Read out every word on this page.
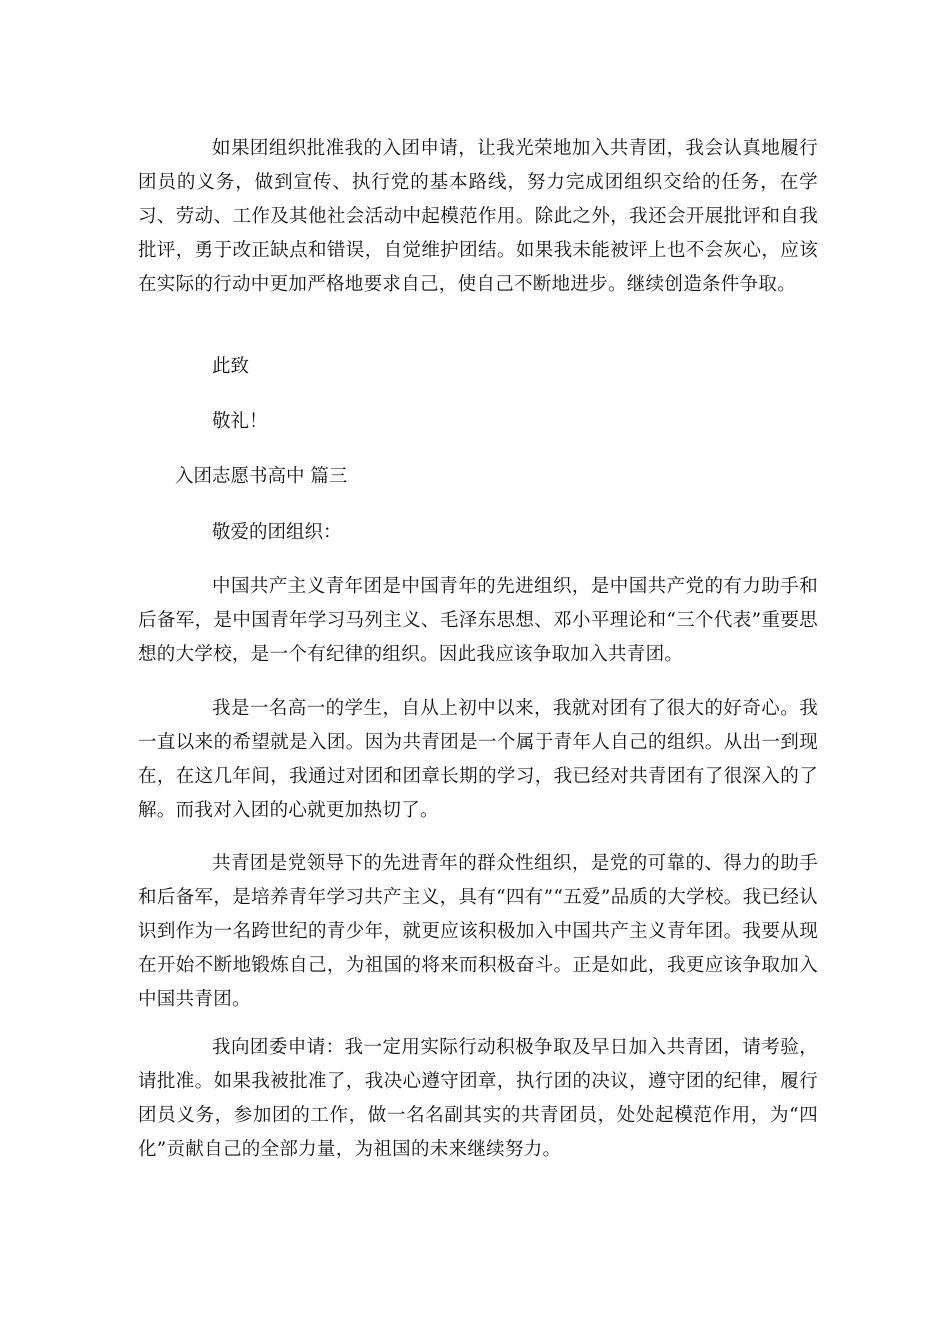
如果团组织批准我的入团申请，让我光荣地加入共青团，我会认真地履行团员的义务，做到宣传、执行党的基本路线，努力完成团组织交给的任务，在学习、劳动、工作及其他社会活动中起模范作用。除此之外，我还会开展批评和自我批评，勇于改正缺点和错误，自觉维护团结。如果我未能被评上也不会灰心，应该在实际的行动中更加严格地要求自己，使自己不断地进步。继续创造条件争取。

此致

敬礼！

入团志愿书高中 篇三

敬爱的团组织：

中国共产主义青年团是中国青年的先进组织，是中国共产党的有力助手和后备军，是中国青年学习马列主义、毛泽东思想、邓小平理论和“三个代表”重要思想的大学校，是一个有纪律的组织。因此我应该争取加入共青团。

我是一名高一的学生，自从上初中以来，我就对团有了很大的好奇心。我一直以来的希望就是入团。因为共青团是一个属于青年人自己的组织。从出一到现在，在这几年间，我通过对团和团章长期的学习，我已经对共青团有了很深入的了解。而我对入团的心就更加热切了。

共青团是党领导下的先进青年的群众性组织，是党的可靠的、得力的助手和后备军，是培养青年学习共产主义，具有“四有”“五爱”品质的大学校。我已经认识到作为一名跨世纪的青少年，就更应该积极加入中国共产主义青年团。我要从现在开始不断地锻炼自己，为祖国的将来而积极奋斗。正是如此，我更应该争取加入中国共青团。

我向团委申请：我一定用实际行动积极争取及早日加入共青团，请考验，请批准。如果我被批准了，我决心遵守团章，执行团的决议，遵守团的纪律，履行团员义务，参加团的工作，做一名名副其实的共青团员，处处起模范作用，为“四化”贡献自己的全部力量，为祖国的未来继续努力。
